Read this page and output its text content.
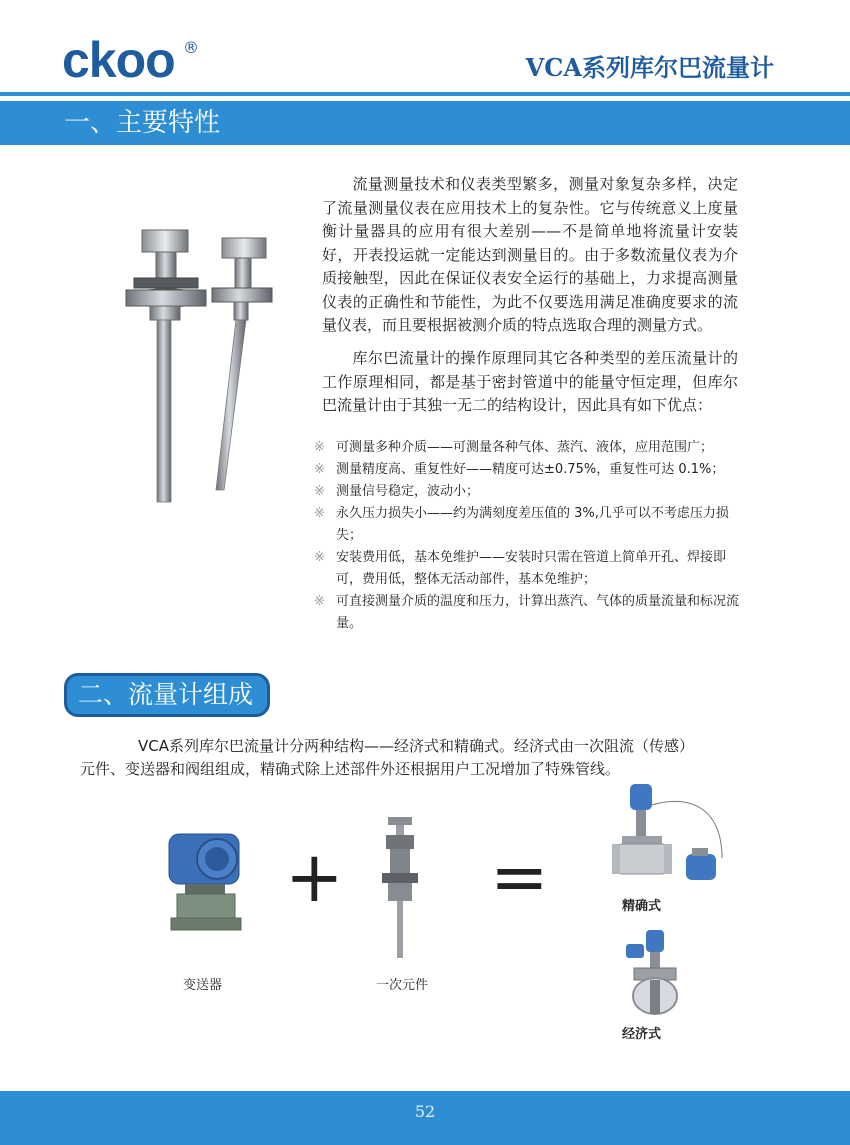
ckoo ®
VCA系列库尔巴流量计
一、主要特性
流量测量技术和仪表类型繁多，测量对象复杂多样，决定了流量测量仪表在应用技术上的复杂性。它与传统意义上度量衡计量器具的应用有很大差别——不是简单地将流量计安装好，开表投运就一定能达到测量目的。由于多数流量仪表为介质接触型，因此在保证仪表安全运行的基础上，力求提高测量仪表的正确性和节能性，为此不仅要选用满足准确度要求的流量仪表，而且要根据被测介质的特点选取合理的测量方式。
库尔巴流量计的操作原理同其它各种类型的差压流量计的工作原理相同，都是基于密封管道中的能量守恒定理，但库尔巴流量计由于其独一无二的结构设计，因此具有如下优点：
※ 可测量多种介质——可测量各种气体、蒸汽、液体，应用范围广；
※ 测量精度高、重复性好——精度可达±0.75%，重复性可达 0.1%；
※ 测量信号稳定，波动小；
※ 永久压力损失小——约为满刻度差压值的 3%,几乎可以不考虑压力损失；
※ 安装费用低，基本免维护——安装时只需在管道上简单开孔、焊接即可，费用低，整体无活动部件，基本免维护；
※ 可直接测量介质的温度和压力，计算出蒸汽、气体的质量流量和标况流量。
二、流量计组成
VCA系列库尔巴流量计分两种结构——经济式和精确式。经济式由一次阻流（传感）
元件、变送器和阀组组成，精确式除上述部件外还根据用户工况增加了特殊管线。
+ =	精确式
经济式
变送器	一次元件
52
